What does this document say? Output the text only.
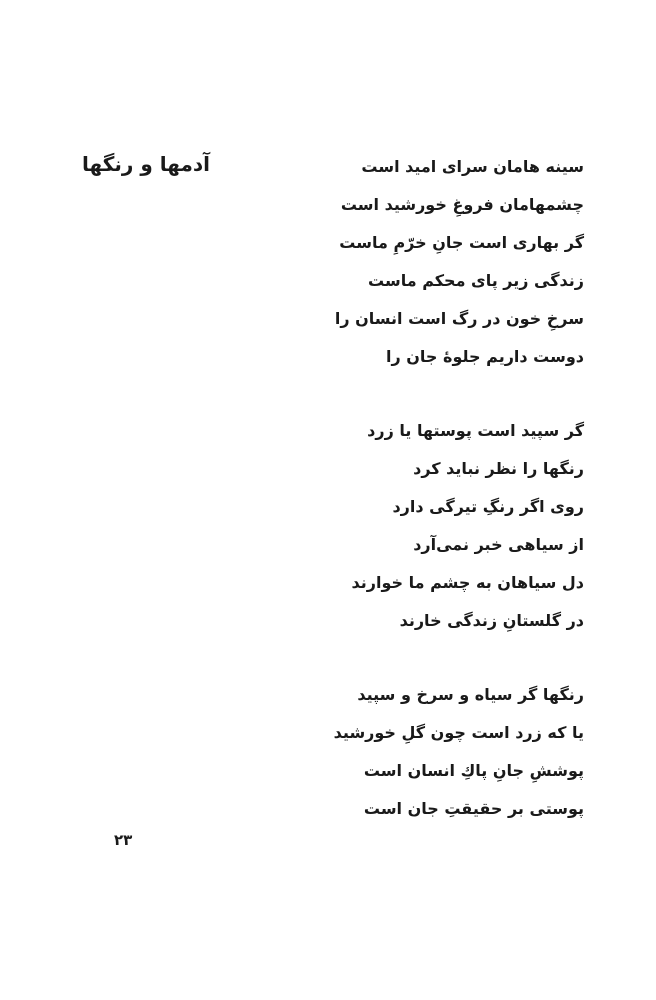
آدمها و رنگها	سینه هامان سرای امید است
چشمهامان فروغِ خورشید است
گر بهاری است جانِ خرّمِ ماست
زندگی زیر پای محکم ماست
سرخِ خون در رگ است انسان را
دوست داریم جلوهٔ جان را
گر سپید است پوستها یا زرد
رنگها را نظر نباید کرد
روی اگر رنگِ تیرگی دارد
از سیاهی خبر نمی‌آرد
دل سیاهان به چشم ما خوارند
در گلستانِ زندگی خارند
رنگها گر سیاه و سرخ و سپید
یا که زرد است چون گلِ خورشید
پوششِ جانِ پاكِ انسان است
پوستی بر حقیقتِ جان است
۲۳
